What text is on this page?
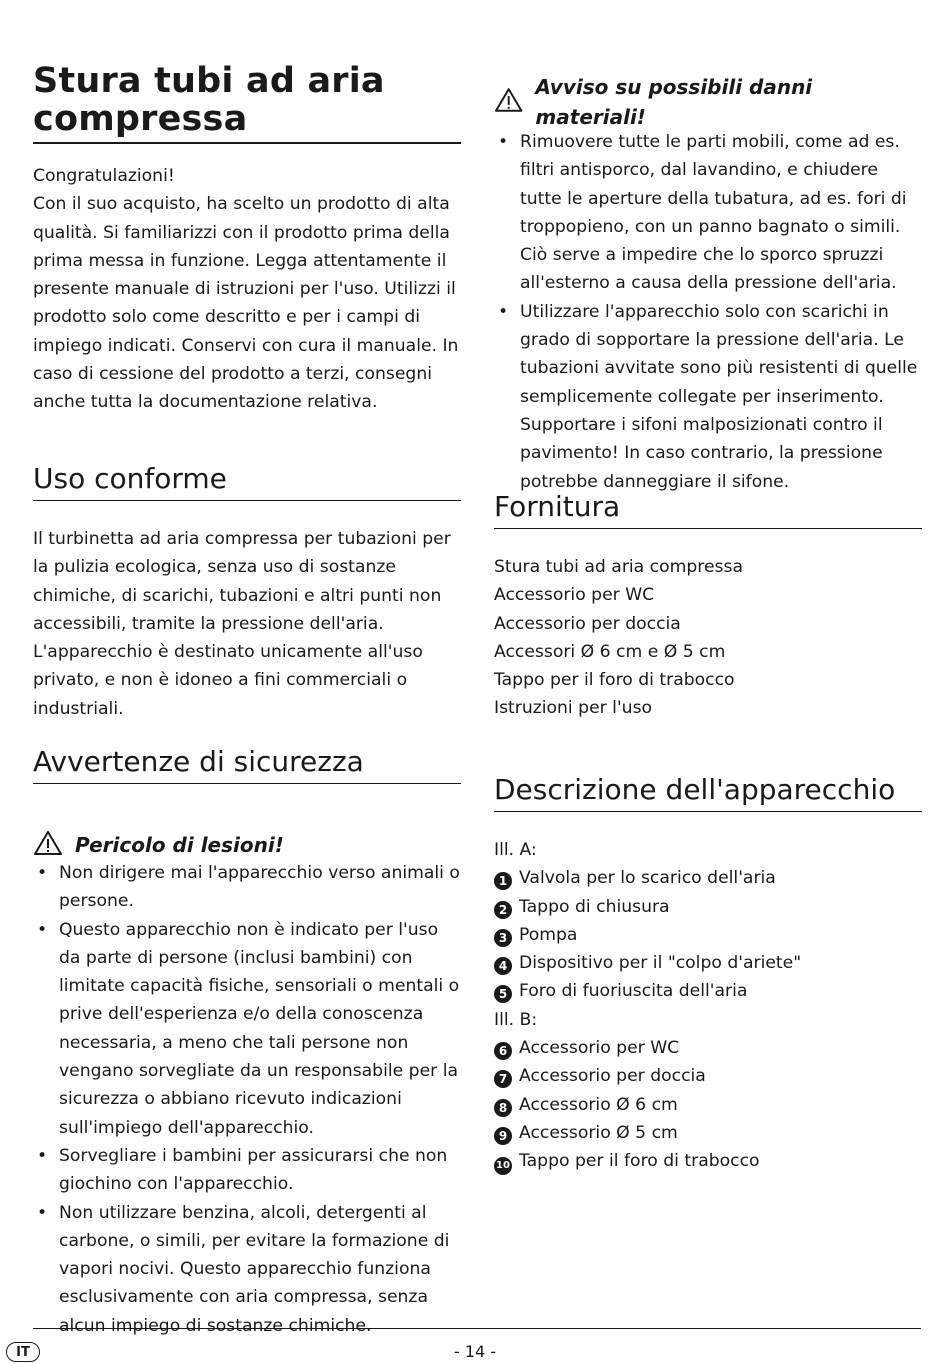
Stura tubi ad aria compressa

Congratulazioni!

Con il suo acquisto, ha scelto un prodotto di alta qualità. Si familiarizzi con il prodotto prima della prima messa in funzione. Legga attentamente il presente manuale di istruzioni per l'uso. Utilizzi il prodotto solo come descritto e per i campi di impiego indicati. Conservi con cura il manuale. In caso di cessione del prodotto a terzi, consegni anche tutta la documentazione relativa.

Uso conforme

Il turbinetta ad aria compressa per tubazioni per la pulizia ecologica, senza uso di sostanze chimiche, di scarichi, tubazioni e altri punti non accessibili, tramite la pressione dell'aria.

L'apparecchio è destinato unicamente all'uso privato, e non è idoneo a fini commerciali o industriali.

Avvertenze di sicurezza
Pericolo di lesioni!
• Non dirigere mai l'apparecchio verso animali o persone.
• Questo apparecchio non è indicato per l'uso da parte di persone (inclusi bambini) con limitate capacità fisiche, sensoriali o mentali o prive dell'esperienza e/o della conoscenza necessaria, a meno che tali persone non vengano sorvegliate da un responsabile per la sicurezza o abbiano ricevuto indicazioni sull'impiego dell'apparecchio.
• Sorvegliare i bambini per assicurarsi che non giochino con l'apparecchio.
• Non utilizzare benzina, alcoli, detergenti al carbone, o simili, per evitare la formazione di vapori nocivi. Questo apparecchio funziona esclusivamente con aria compressa, senza alcun impiego di sostanze chimiche.
Avviso su possibili danni materiali!
• Rimuovere tutte le parti mobili, come ad es. filtri antisporco, dal lavandino, e chiudere tutte le aperture della tubatura, ad es. fori di troppopieno, con un panno bagnato o simili. Ciò serve a impedire che lo sporco spruzzi all'esterno a causa della pressione dell'aria.
• Utilizzare l'apparecchio solo con scarichi in grado di sopportare la pressione dell'aria. Le tubazioni avvitate sono più resistenti di quelle semplicemente collegate per inserimento. Supportare i sifoni malposizionati contro il pavimento! In caso contrario, la pressione potrebbe danneggiare il sifone.
Fornitura
Stura tubi ad aria compressa
Accessorio per WC
Accessorio per doccia
Accessori Ø 6 cm e Ø 5 cm
Tappo per il foro di trabocco
Istruzioni per l'uso
Descrizione dell'apparecchio
Ill. A:
1 Valvola per lo scarico dell'aria
2 Tappo di chiusura
3 Pompa
4 Dispositivo per il "colpo d'ariete"
5 Foro di fuoriuscita dell'aria
Ill. B:
6 Accessorio per WC
7 Accessorio per doccia
8 Accessorio Ø 6 cm
9 Accessorio Ø 5 cm
10 Tappo per il foro di trabocco
IT	- 14 -
